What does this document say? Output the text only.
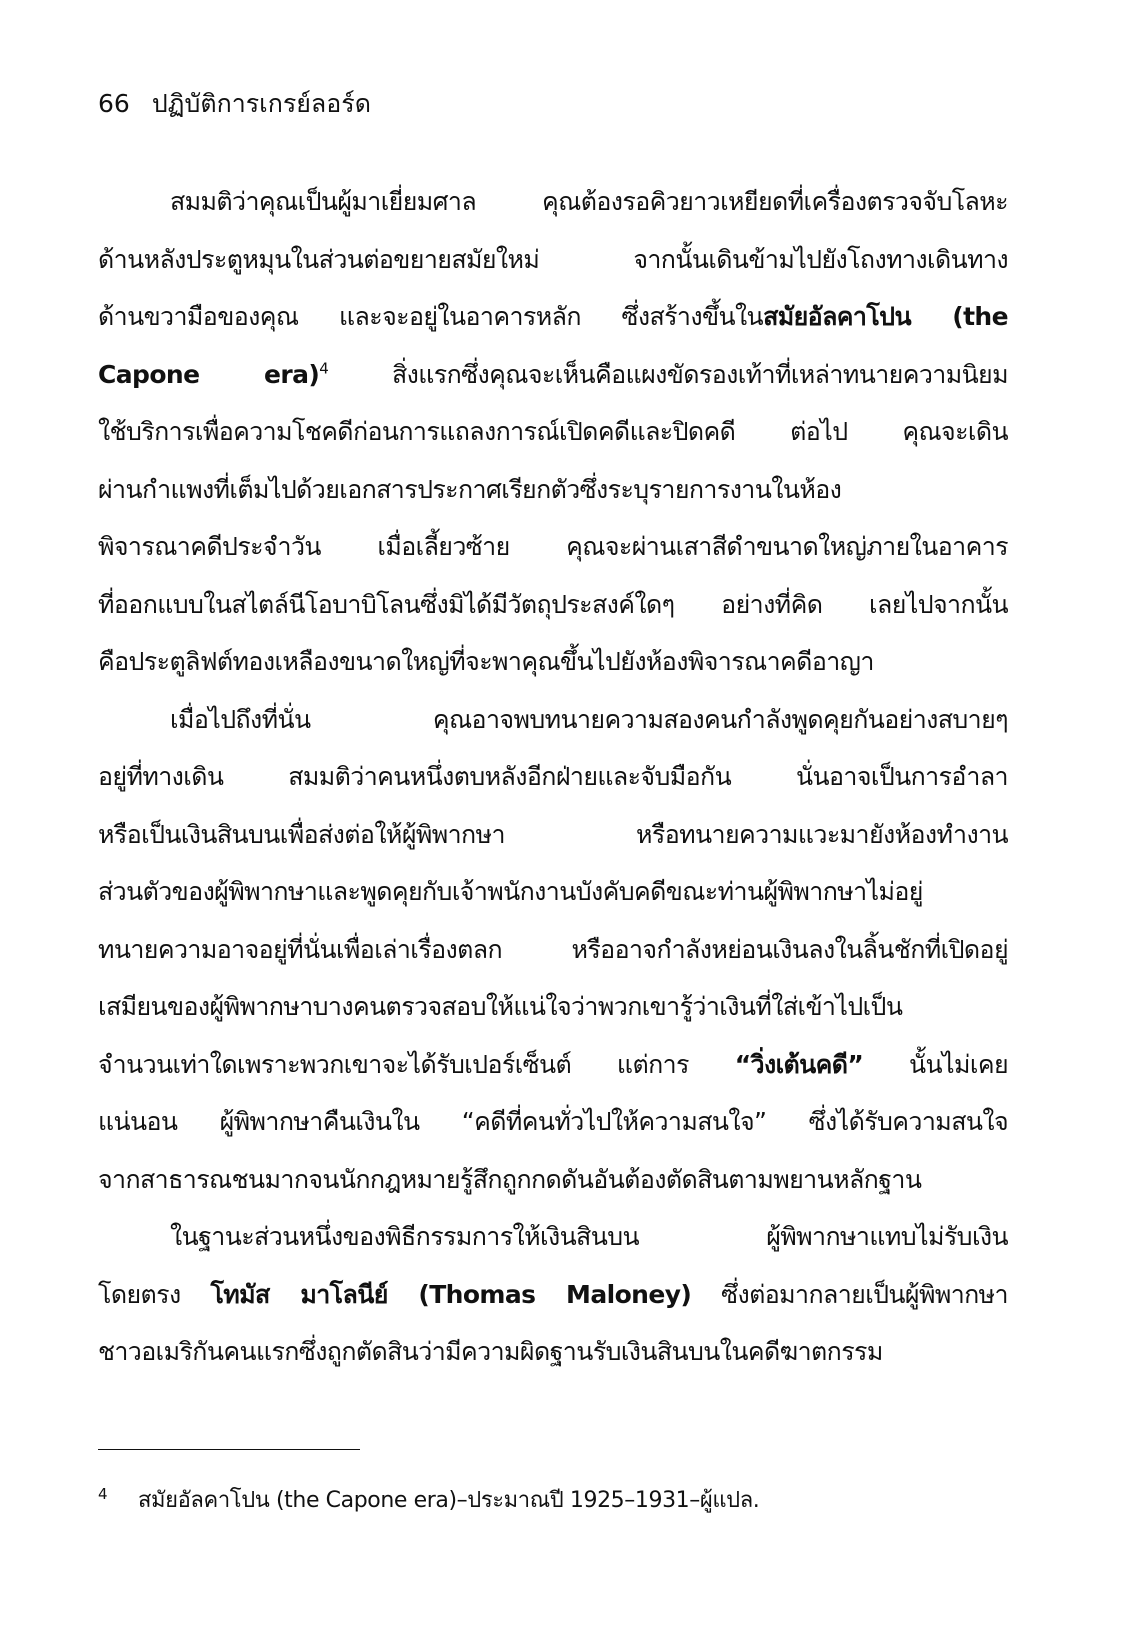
66 ปฏิบัติการเกรย์ลอร์ด
สมมติว่าคุณเป็นผู้มาเยี่ยมศาล คุณต้องรอคิวยาวเหยียดที่เครื่องตรวจจับโลหะ
ด้านหลังประตูหมุนในส่วนต่อขยายสมัยใหม่ จากนั้นเดินข้ามไปยังโถงทางเดินทาง
ด้านขวามือของคุณ และจะอยู่ในอาคารหลัก ซึ่งสร้างขึ้นในสมัยอัลคาโปน (the
Capone era)$^4$ สิ่งแรกซึ่งคุณจะเห็นคือแผงขัดรองเท้าที่เหล่าทนายความนิยม
ใช้บริการเพื่อความโชคดีก่อนการแถลงการณ์เปิดคดีและปิดคดี ต่อไป คุณจะเดิน
ผ่านกำแพงที่เต็มไปด้วยเอกสารประกาศเรียกตัวซึ่งระบุรายการงานในห้อง
พิจารณาคดีประจำวัน เมื่อเลี้ยวซ้าย คุณจะผ่านเสาสีดำขนาดใหญ่ภายในอาคาร
ที่ออกแบบในสไตล์นีโอบาบิโลนซึ่งมิได้มีวัตถุประสงค์ใดๆ อย่างที่คิด เลยไปจากนั้น
คือประตูลิฟต์ทองเหลืองขนาดใหญ่ที่จะพาคุณขึ้นไปยังห้องพิจารณาคดีอาญา
เมื่อไปถึงที่นั่น คุณอาจพบทนายความสองคนกำลังพูดคุยกันอย่างสบายๆ
อยู่ที่ทางเดิน สมมติว่าคนหนึ่งตบหลังอีกฝ่ายและจับมือกัน นั่นอาจเป็นการอำลา
หรือเป็นเงินสินบนเพื่อส่งต่อให้ผู้พิพากษา หรือทนายความแวะมายังห้องทำงาน
ส่วนตัวของผู้พิพากษาและพูดคุยกับเจ้าพนักงานบังคับคดีขณะท่านผู้พิพากษาไม่อยู่
ทนายความอาจอยู่ที่นั่นเพื่อเล่าเรื่องตลก หรืออาจกำลังหย่อนเงินลงในลิ้นชักที่เปิดอยู่
เสมียนของผู้พิพากษาบางคนตรวจสอบให้แน่ใจว่าพวกเขารู้ว่าเงินที่ใส่เข้าไปเป็น
จำนวนเท่าใดเพราะพวกเขาจะได้รับเปอร์เซ็นต์ แต่การ “วิ่งเต้นคดี” นั้นไม่เคย
แน่นอน ผู้พิพากษาคืนเงินใน “คดีที่คนทั่วไปให้ความสนใจ” ซึ่งได้รับความสนใจ
จากสาธารณชนมากจนนักกฎหมายรู้สึกถูกกดดันอันต้องตัดสินตามพยานหลักฐาน
ในฐานะส่วนหนึ่งของพิธีกรรมการให้เงินสินบน ผู้พิพากษาแทบไม่รับเงิน
โดยตรง โทมัส มาโลนีย์ (Thomas Maloney) ซึ่งต่อมากลายเป็นผู้พิพากษา
ชาวอเมริกันคนแรกซึ่งถูกตัดสินว่ามีความผิดฐานรับเงินสินบนในคดีฆาตกรรม
4 สมัยอัลคาโปน (the Capone era)–ประมาณปี 1925–1931–ผู้แปล.
